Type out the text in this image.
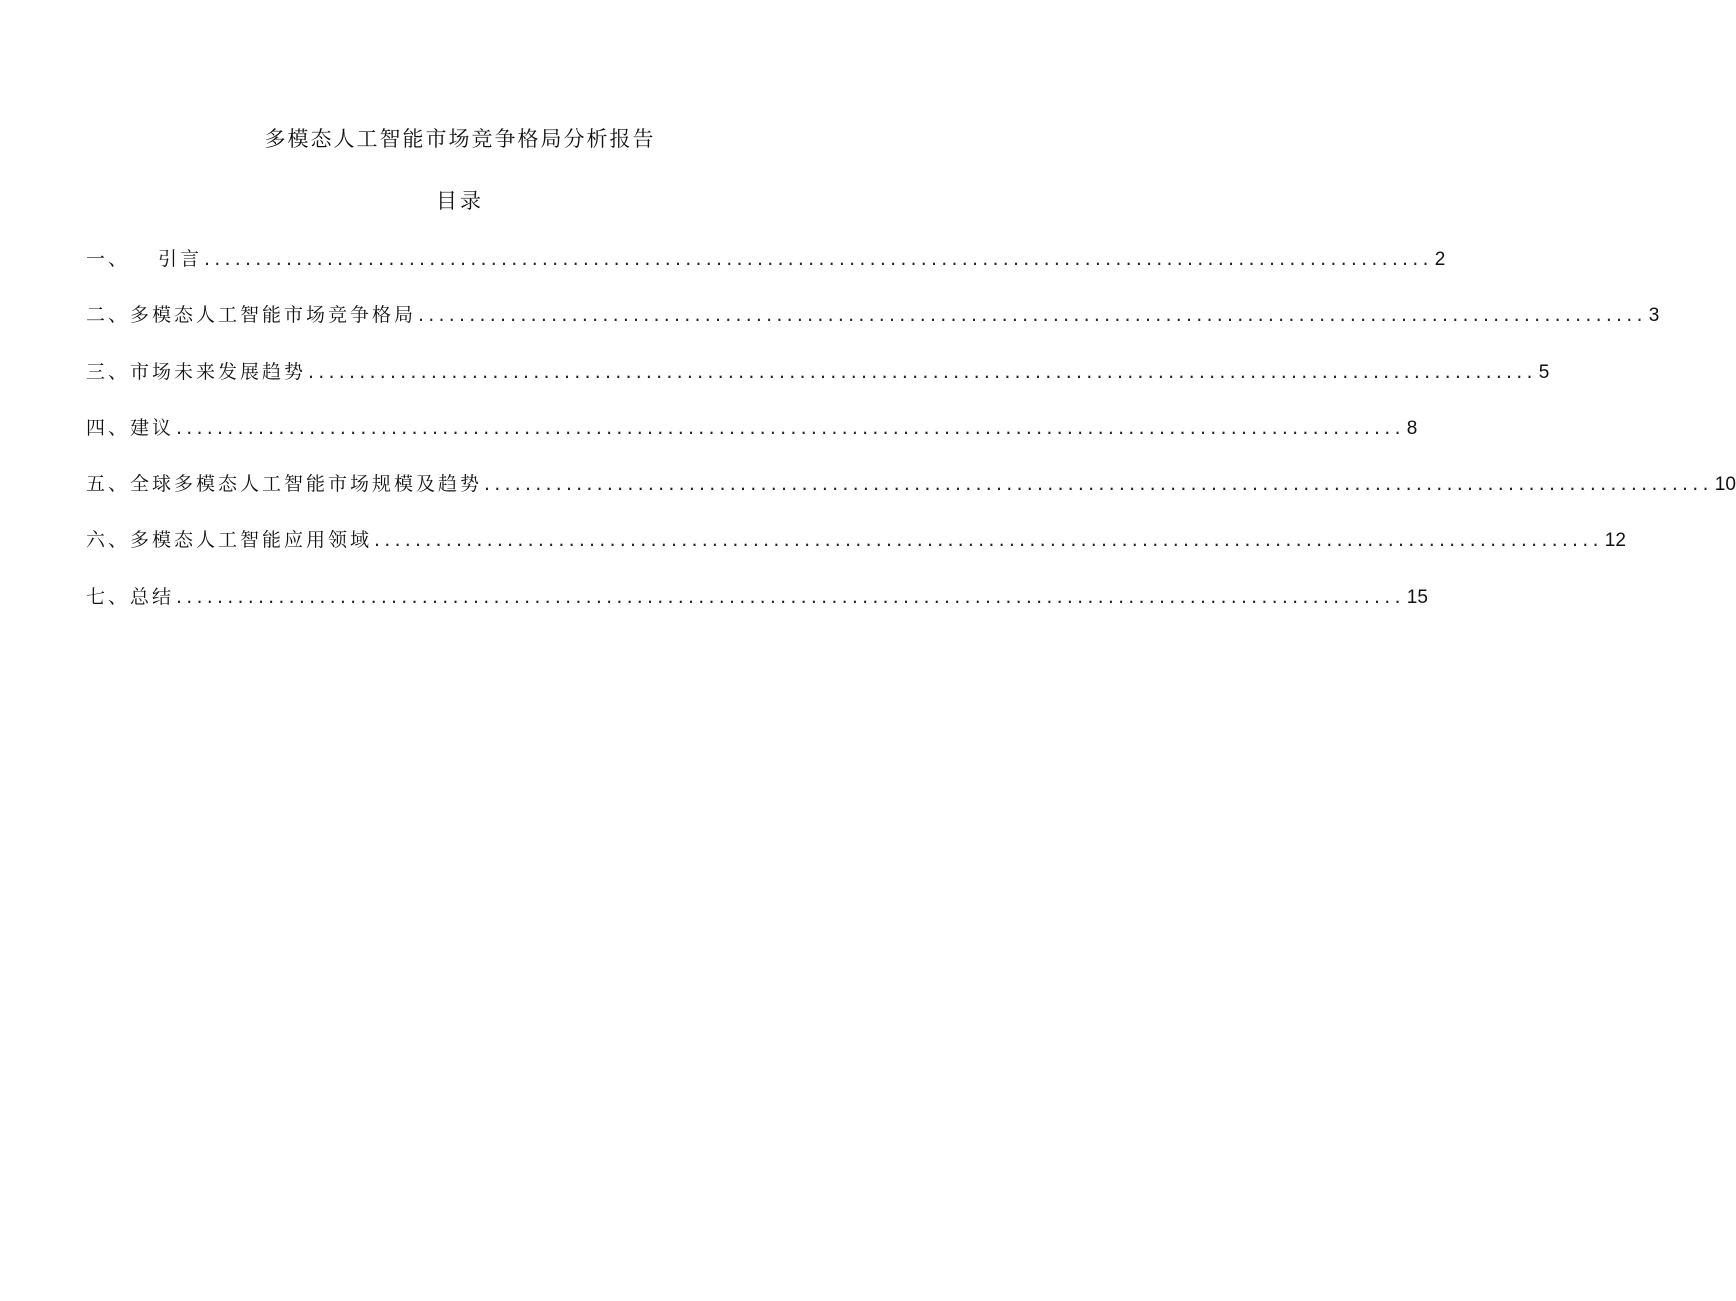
多模态人工智能市场竞争格局分析报告
目录
一、 引言 ........................................................................................................................ 2
二、 多模态人工智能市场竞争格局 ........................................................................................................................ 3
三、 市场未来发展趋势 ........................................................................................................................ 5
四、 建议 ........................................................................................................................ 8
五、 全球多模态人工智能市场规模及趋势 ........................................................................................................................ 10
六、 多模态人工智能应用领域 ........................................................................................................................ 12
七、 总结 ........................................................................................................................ 15
